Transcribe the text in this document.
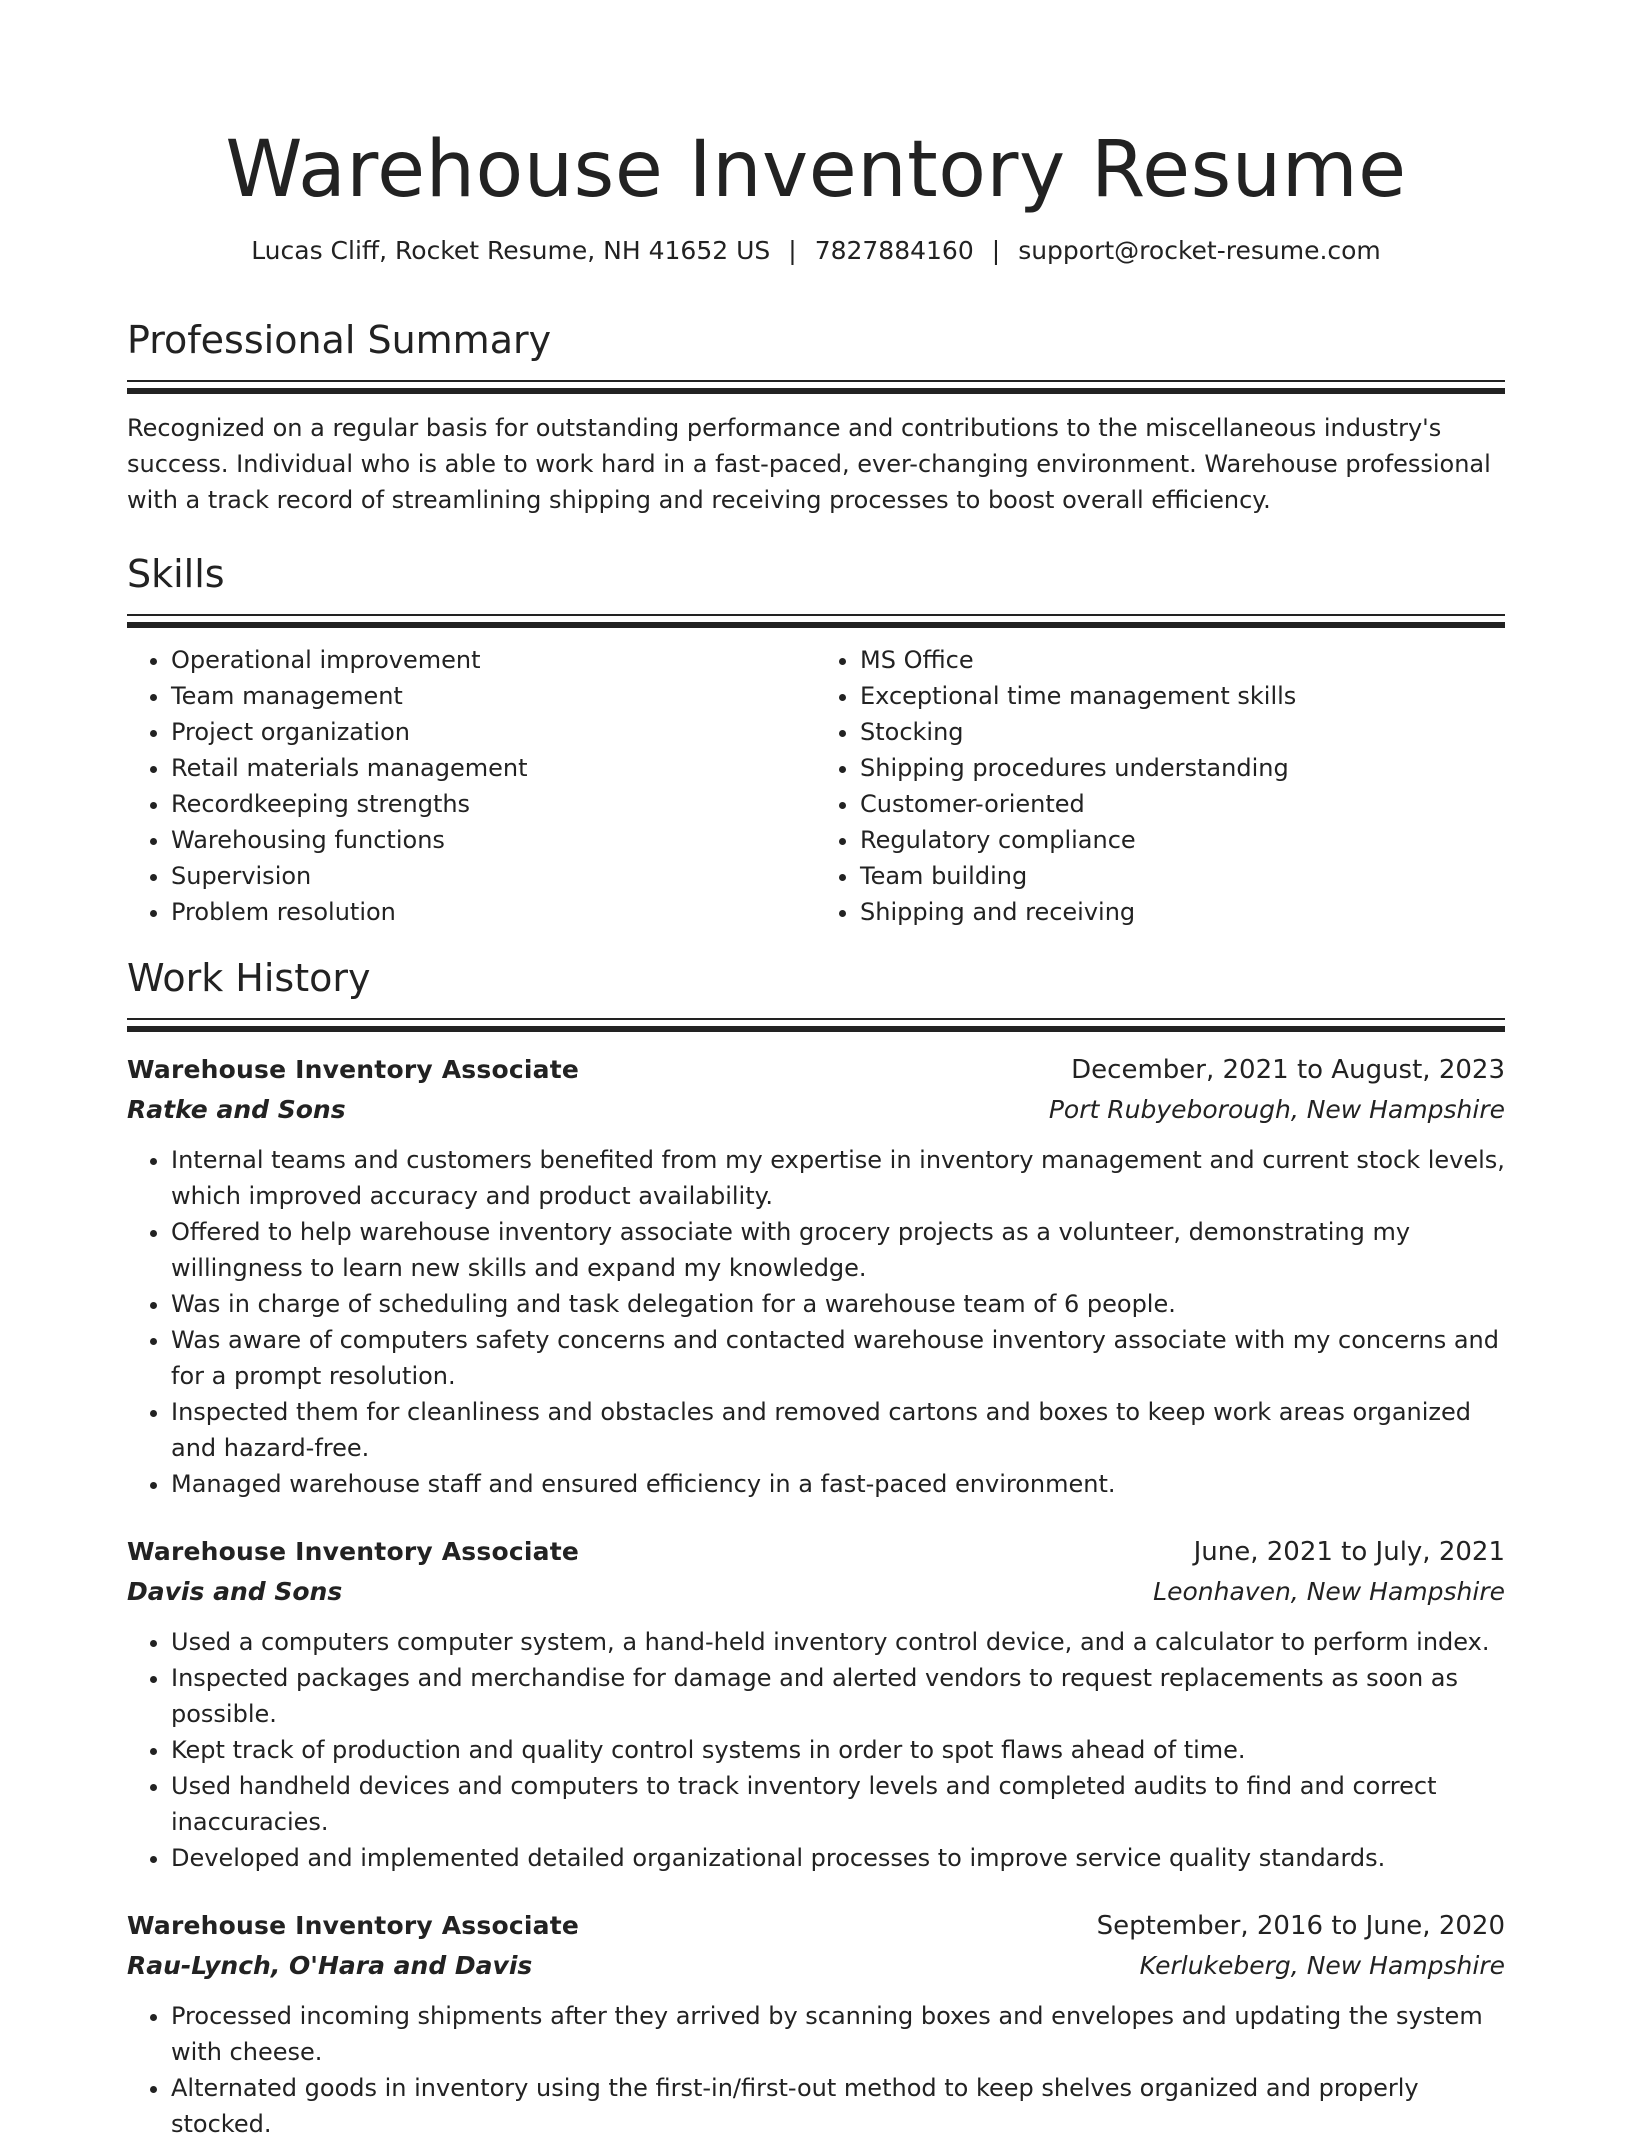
Warehouse Inventory Resume
Lucas Cliff, Rocket Resume, NH 41652 US | 7827884160 | support@rocket-resume.com
Professional Summary
Recognized on a regular basis for outstanding performance and contributions to the miscellaneous industry's success. Individual who is able to work hard in a fast-paced, ever-changing environment. Warehouse professional with a track record of streamlining shipping and receiving processes to boost overall efficiency.
Skills
• Operational improvement
• Team management
• Project organization
• Retail materials management
• Recordkeeping strengths
• Warehousing functions
• Supervision
• Problem resolution
• MS Office
• Exceptional time management skills
• Stocking
• Shipping procedures understanding
• Customer-oriented
• Regulatory compliance
• Team building
• Shipping and receiving
Work History
Warehouse Inventory Associate	December, 2021 to August, 2023
Ratke and Sons	Port Rubyeborough, New Hampshire
• Internal teams and customers benefited from my expertise in inventory management and current stock levels, which improved accuracy and product availability.
• Offered to help warehouse inventory associate with grocery projects as a volunteer, demonstrating my willingness to learn new skills and expand my knowledge.
• Was in charge of scheduling and task delegation for a warehouse team of 6 people.
• Was aware of computers safety concerns and contacted warehouse inventory associate with my concerns and for a prompt resolution.
• Inspected them for cleanliness and obstacles and removed cartons and boxes to keep work areas organized and hazard-free.
• Managed warehouse staff and ensured efficiency in a fast-paced environment.
Warehouse Inventory Associate	June, 2021 to July, 2021
Davis and Sons	Leonhaven, New Hampshire
• Used a computers computer system, a hand-held inventory control device, and a calculator to perform index.
• Inspected packages and merchandise for damage and alerted vendors to request replacements as soon as possible.
• Kept track of production and quality control systems in order to spot flaws ahead of time.
• Used handheld devices and computers to track inventory levels and completed audits to find and correct inaccuracies.
• Developed and implemented detailed organizational processes to improve service quality standards.
Warehouse Inventory Associate	September, 2016 to June, 2020
Rau-Lynch, O'Hara and Davis	Kerlukeberg, New Hampshire
• Processed incoming shipments after they arrived by scanning boxes and envelopes and updating the system with cheese.
• Alternated goods in inventory using the first-in/first-out method to keep shelves organized and properly stocked.
